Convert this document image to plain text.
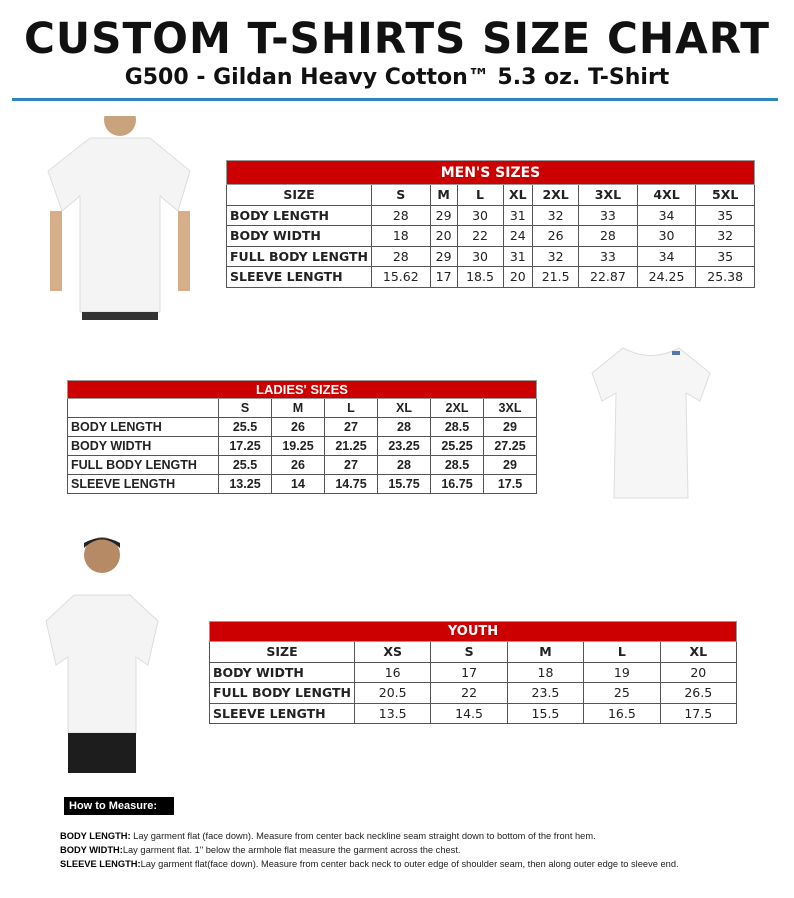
CUSTOM T-SHIRTS SIZE CHART
G500 - Gildan Heavy Cotton™ 5.3 oz. T-Shirt
MEN'S SIZES								
SIZE	S	M	L	XL	2XL	3XL	4XL	5XL
BODY LENGTH	28	29	30	31	32	33	34	35
BODY WIDTH	18	20	22	24	26	28	30	32
FULL BODY LENGTH	28	29	30	31	32	33	34	35
SLEEVE LENGTH	15.62	17	18.5	20	21.5	22.87	24.25	25.38
LADIES' SIZES						
	S	M	L	XL	2XL	3XL
BODY LENGTH	25.5	26	27	28	28.5	29
BODY WIDTH	17.25	19.25	21.25	23.25	25.25	27.25
FULL BODY LENGTH	25.5	26	27	28	28.5	29
SLEEVE LENGTH	13.25	14	14.75	15.75	16.75	17.5
YOUTH					
SIZE	XS	S	M	L	XL
BODY WIDTH	16	17	18	19	20
FULL BODY LENGTH	20.5	22	23.5	25	26.5
SLEEVE LENGTH	13.5	14.5	15.5	16.5	17.5
How to Measure:
BODY LENGTH: Lay garment flat (face down). Measure from center back neckline seam straight down to bottom of the front hem.
BODY WIDTH:Lay garment flat. 1" below the armhole flat measure the garment across the chest.
SLEEVE LENGTH:Lay garment flat(face down). Measure from center back neck to outer edge of shoulder seam, then along outer edge to sleeve end.
